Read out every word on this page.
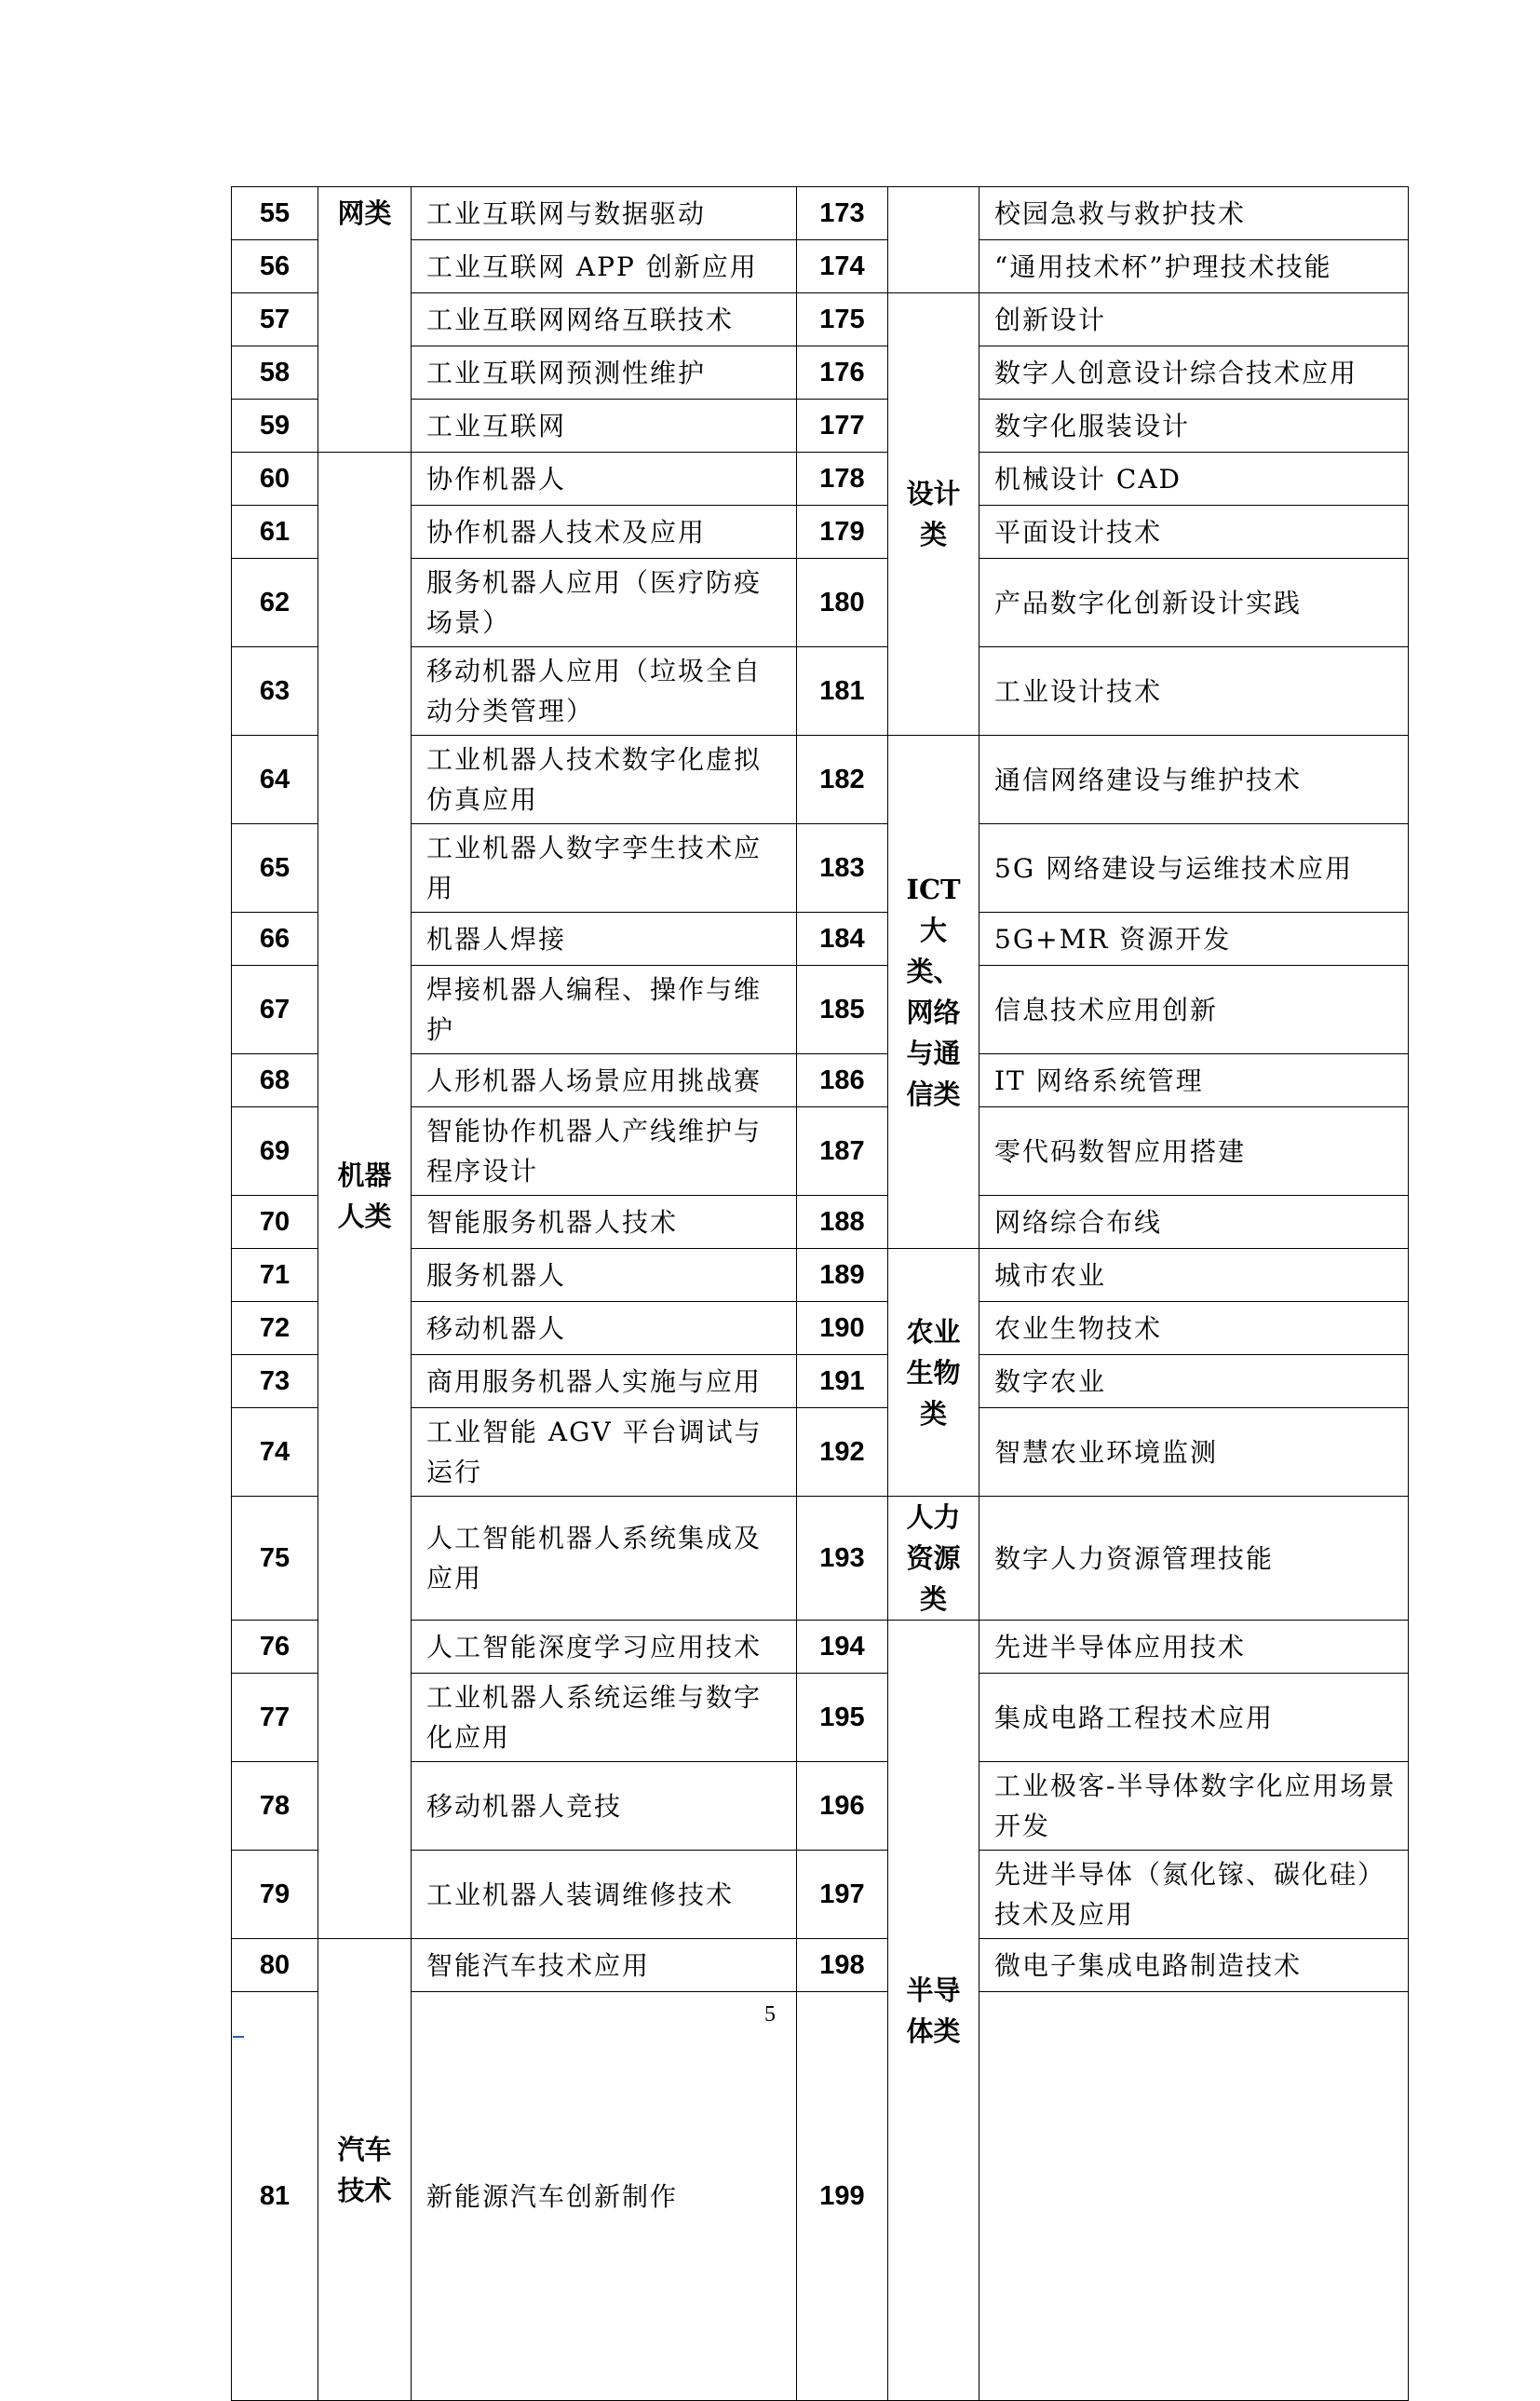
55	网类	工业互联网与数据驱动	173		校园急救与救护技术	
56		工业互联网 APP 创新应用	174		“通用技术杯”护理技术技能	
57		工业互联网网络互联技术	175	设计类	创新设计	
58		工业互联网预测性维护	176		数字人创意设计综合技术应用	
59		工业互联网	177		数字化服装设计	
60	机器人类	协作机器人	178		机械设计 CAD	
61		协作机器人技术及应用	179		平面设计技术	
62		服务机器人应用（医疗防疫场景）	180		产品数字化创新设计实践	
63		移动机器人应用（垃圾全自动分类管理）	181		工业设计技术	
64		工业机器人技术数字化虚拟仿真应用	182	ICT大类、网络与通信类	通信网络建设与维护技术	
65		工业机器人数字孪生技术应用	183		5G 网络建设与运维技术应用	
66		机器人焊接	184		5G+MR 资源开发	
67		焊接机器人编程、操作与维护	185		信息技术应用创新	
68		人形机器人场景应用挑战赛	186		IT 网络系统管理	
69		智能协作机器人产线维护与程序设计	187		零代码数智应用搭建	
70		智能服务机器人技术	188		网络综合布线	
71		服务机器人	189	农业生物类	城市农业	
72		移动机器人	190		农业生物技术	
73		商用服务机器人实施与应用	191		数字农业	
74		工业智能 AGV 平台调试与运行	192		智慧农业环境监测	
75		人工智能机器人系统集成及应用	193	人力资源类	数字人力资源管理技能	
76		人工智能深度学习应用技术	194	半导体类	先进半导体应用技术	
77		工业机器人系统运维与数字化应用	195		集成电路工程技术应用	
78		移动机器人竞技	196		工业极客-半导体数字化应用场景开发	
79		工业机器人装调维修技术	197		先进半导体（氮化镓、碳化硅）技术及应用	
80	汽车技术	智能汽车技术应用	198		微电子集成电路制造技术	
81		新能源汽车创新制作	199		
5
